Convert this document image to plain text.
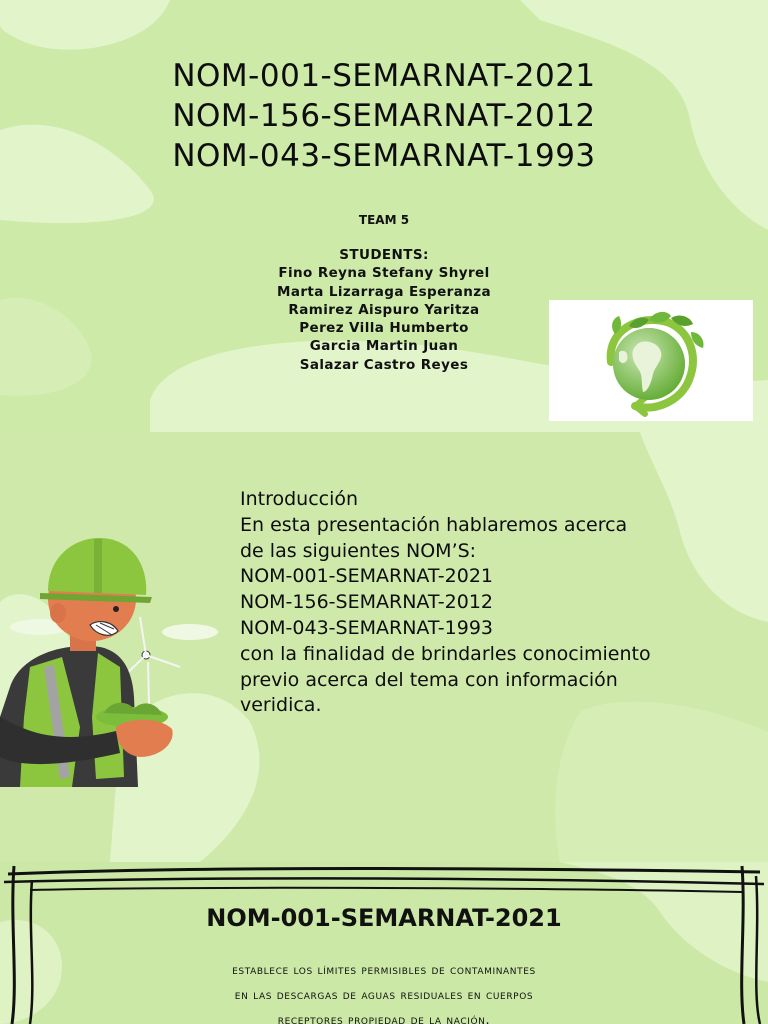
NOM-001-SEMARNAT-2021
NOM-156-SEMARNAT-2012
NOM-043-SEMARNAT-1993
TEAM 5
STUDENTS:
Fino Reyna Stefany Shyrel
Marta Lizarraga Esperanza
Ramirez Aispuro Yaritza
Perez Villa Humberto
Garcia Martin Juan
Salazar Castro Reyes
Introducción
En esta presentación hablaremos acerca
de las siguientes NOM’S:
NOM-001-SEMARNAT-2021
NOM-156-SEMARNAT-2012
NOM-043-SEMARNAT-1993
con la finalidad de brindarles conocimiento
previo acerca del tema con información
veridica.
NOM-001-SEMARNAT-2021
establece los límites permisibles de contaminantes
en las descargas de aguas residuales en cuerpos
receptores propiedad de la nación.
